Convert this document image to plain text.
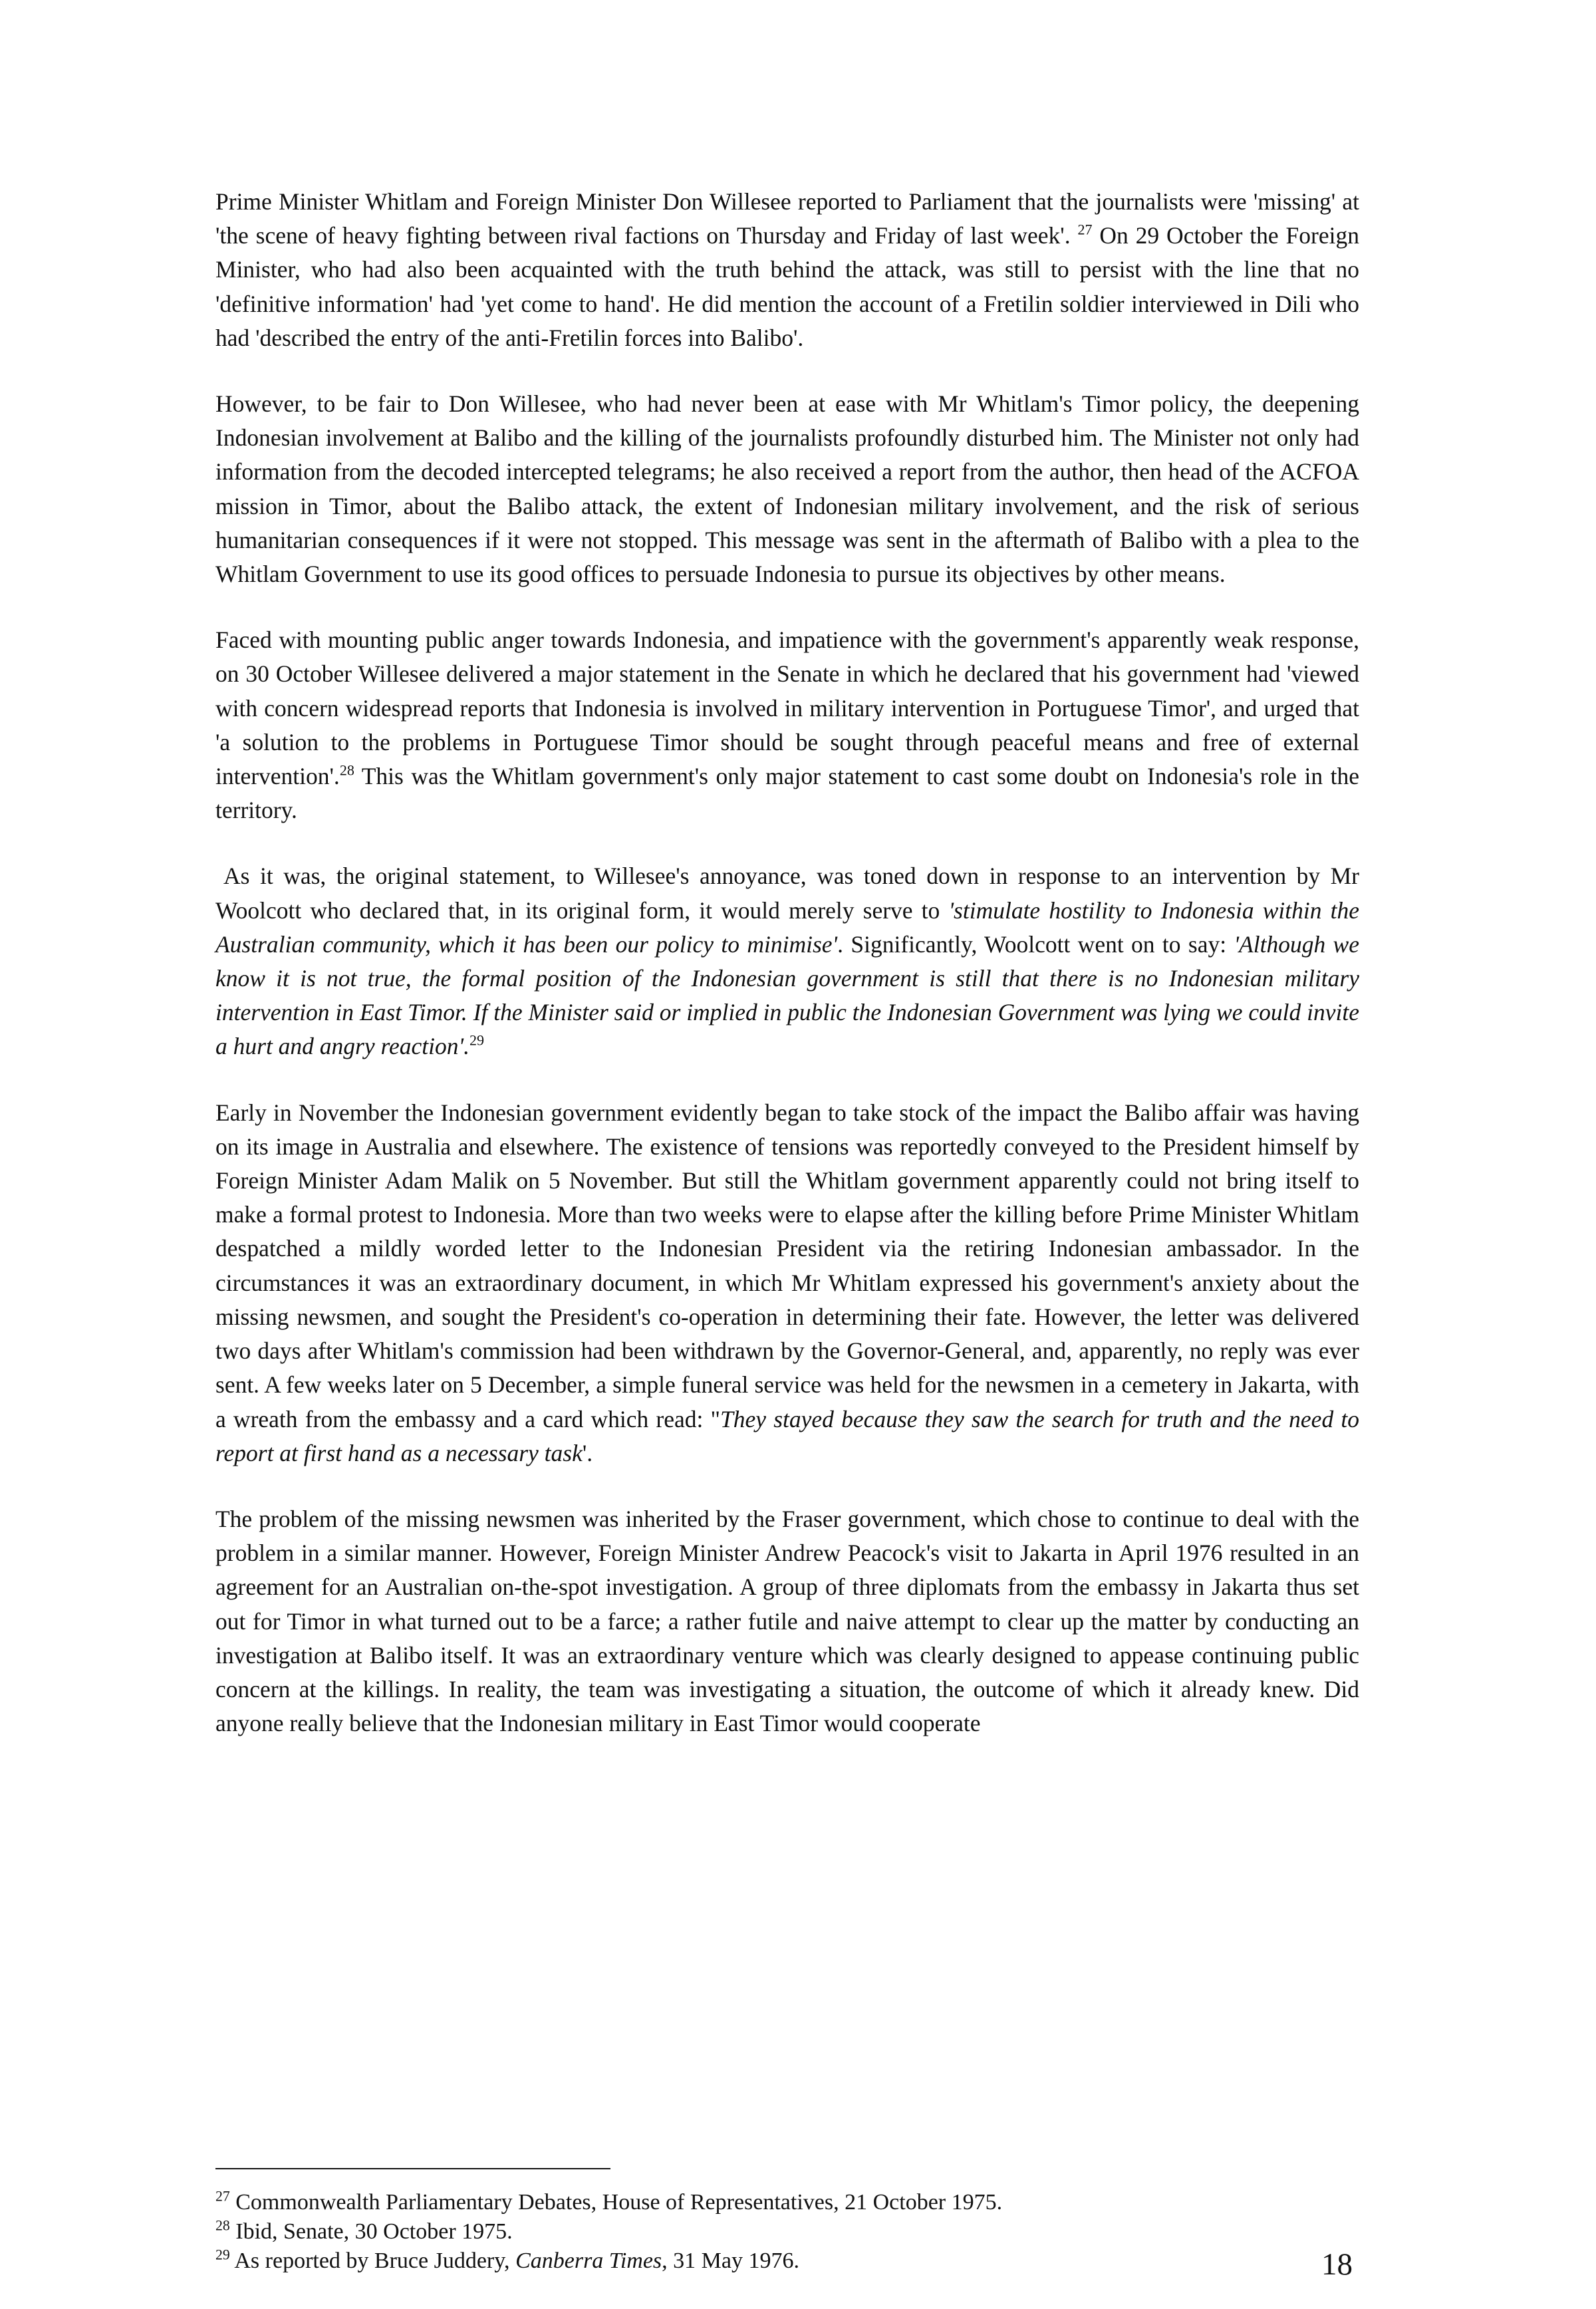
Prime Minister Whitlam and Foreign Minister Don Willesee reported to Parliament that the journalists were 'missing' at 'the scene of heavy fighting between rival factions on Thursday and Friday of last week'. $^{27}$ On 29 October the Foreign Minister, who had also been acquainted with the truth behind the attack, was still to persist with the line that no 'definitive information' had 'yet come to hand'. He did mention the account of a Fretilin soldier interviewed in Dili who had 'described the entry of the anti-Fretilin forces into Balibo'.

However, to be fair to Don Willesee, who had never been at ease with Mr Whitlam's Timor policy, the deepening Indonesian involvement at Balibo and the killing of the journalists profoundly disturbed him. The Minister not only had information from the decoded intercepted telegrams; he also received a report from the author, then head of the ACFOA mission in Timor, about the Balibo attack, the extent of Indonesian military involvement, and the risk of serious humanitarian consequences if it were not stopped. This message was sent in the aftermath of Balibo with a plea to the Whitlam Government to use its good offices to persuade Indonesia to pursue its objectives by other means.

Faced with mounting public anger towards Indonesia, and impatience with the government's apparently weak response, on 30 October Willesee delivered a major statement in the Senate in which he declared that his government had 'viewed with concern widespread reports that Indonesia is involved in military intervention in Portuguese Timor', and urged that 'a solution to the problems in Portuguese Timor should be sought through peaceful means and free of external intervention'.$^{28}$ This was the Whitlam government's only major statement to cast some doubt on Indonesia's role in the territory.

As it was, the original statement, to Willesee's annoyance, was toned down in response to an intervention by Mr Woolcott who declared that, in its original form, it would merely serve to 'stimulate hostility to Indonesia within the Australian community, which it has been our policy to minimise'. Significantly, Woolcott went on to say: 'Although we know it is not true, the formal position of the Indonesian government is still that there is no Indonesian military intervention in East Timor. If the Minister said or implied in public the Indonesian Government was lying we could invite a hurt and angry reaction'.$^{29}$

Early in November the Indonesian government evidently began to take stock of the impact the Balibo affair was having on its image in Australia and elsewhere. The existence of tensions was reportedly conveyed to the President himself by Foreign Minister Adam Malik on 5 November. But still the Whitlam government apparently could not bring itself to make a formal protest to Indonesia. More than two weeks were to elapse after the killing before Prime Minister Whitlam despatched a mildly worded letter to the Indonesian President via the retiring Indonesian ambassador. In the circumstances it was an extraordinary document, in which Mr Whitlam expressed his government's anxiety about the missing newsmen, and sought the President's co-operation in determining their fate. However, the letter was delivered two days after Whitlam's commission had been withdrawn by the Governor-General, and, apparently, no reply was ever sent. A few weeks later on 5 December, a simple funeral service was held for the newsmen in a cemetery in Jakarta, with a wreath from the embassy and a card which read: "They stayed because they saw the search for truth and the need to report at first hand as a necessary task'.

The problem of the missing newsmen was inherited by the Fraser government, which chose to continue to deal with the problem in a similar manner. However, Foreign Minister Andrew Peacock's visit to Jakarta in April 1976 resulted in an agreement for an Australian on-the-spot investigation. A group of three diplomats from the embassy in Jakarta thus set out for Timor in what turned out to be a farce; a rather futile and naive attempt to clear up the matter by conducting an investigation at Balibo itself. It was an extraordinary venture which was clearly designed to appease continuing public concern at the killings. In reality, the team was investigating a situation, the outcome of which it already knew. Did anyone really believe that the Indonesian military in East Timor would cooperate

$^{27}$ Commonwealth Parliamentary Debates, House of Representatives, 21 October 1975.

$^{28}$ Ibid, Senate, 30 October 1975.

$^{29}$ As reported by Bruce Juddery, Canberra Times, 31 May 1976.	18
